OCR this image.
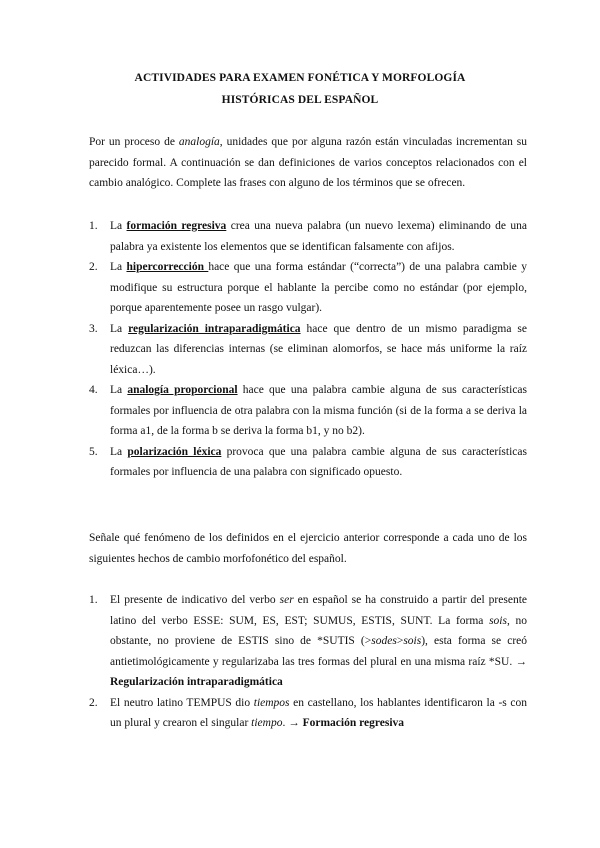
ACTIVIDADES PARA EXAMEN FONÉTICA Y MORFOLOGÍA
HISTÓRICAS DEL ESPAÑOL

Por un proceso de analogía, unidades que por alguna razón están vinculadas incrementan su parecido formal. A continuación se dan definiciones de varios conceptos relacionados con el cambio analógico. Complete las frases con alguno de los términos que se ofrecen.

1. La formación regresiva crea una nueva palabra (un nuevo lexema) eliminando de una palabra ya existente los elementos que se identifican falsamente con afijos.
2. La hipercorrección hace que una forma estándar (“correcta”) de una palabra cambie y modifique su estructura porque el hablante la percibe como no estándar (por ejemplo, porque aparentemente posee un rasgo vulgar).
3. La regularización intraparadigmática hace que dentro de un mismo paradigma se reduzcan las diferencias internas (se eliminan alomorfos, se hace más uniforme la raíz léxica…).
4. La analogía proporcional hace que una palabra cambie alguna de sus características formales por influencia de otra palabra con la misma función (si de la forma a se deriva la forma a1, de la forma b se deriva la forma b1, y no b2).
5. La polarización léxica provoca que una palabra cambie alguna de sus características formales por influencia de una palabra con significado opuesto.

Señale qué fenómeno de los definidos en el ejercicio anterior corresponde a cada uno de los siguientes hechos de cambio morfofonético del español.

1. El presente de indicativo del verbo ser en español se ha construido a partir del presente latino del verbo ESSE: SUM, ES, EST; SUMUS, ESTIS, SUNT. La forma sois, no obstante, no proviene de ESTIS sino de *SUTIS (>sodes>sois), esta forma se creó antietimológicamente y regularizaba las tres formas del plural en una misma raíz *SU. → Regularización intraparadigmática
2. El neutro latino TEMPUS dio tiempos en castellano, los hablantes identificaron la -s con un plural y crearon el singular tiempo. → Formación regresiva
